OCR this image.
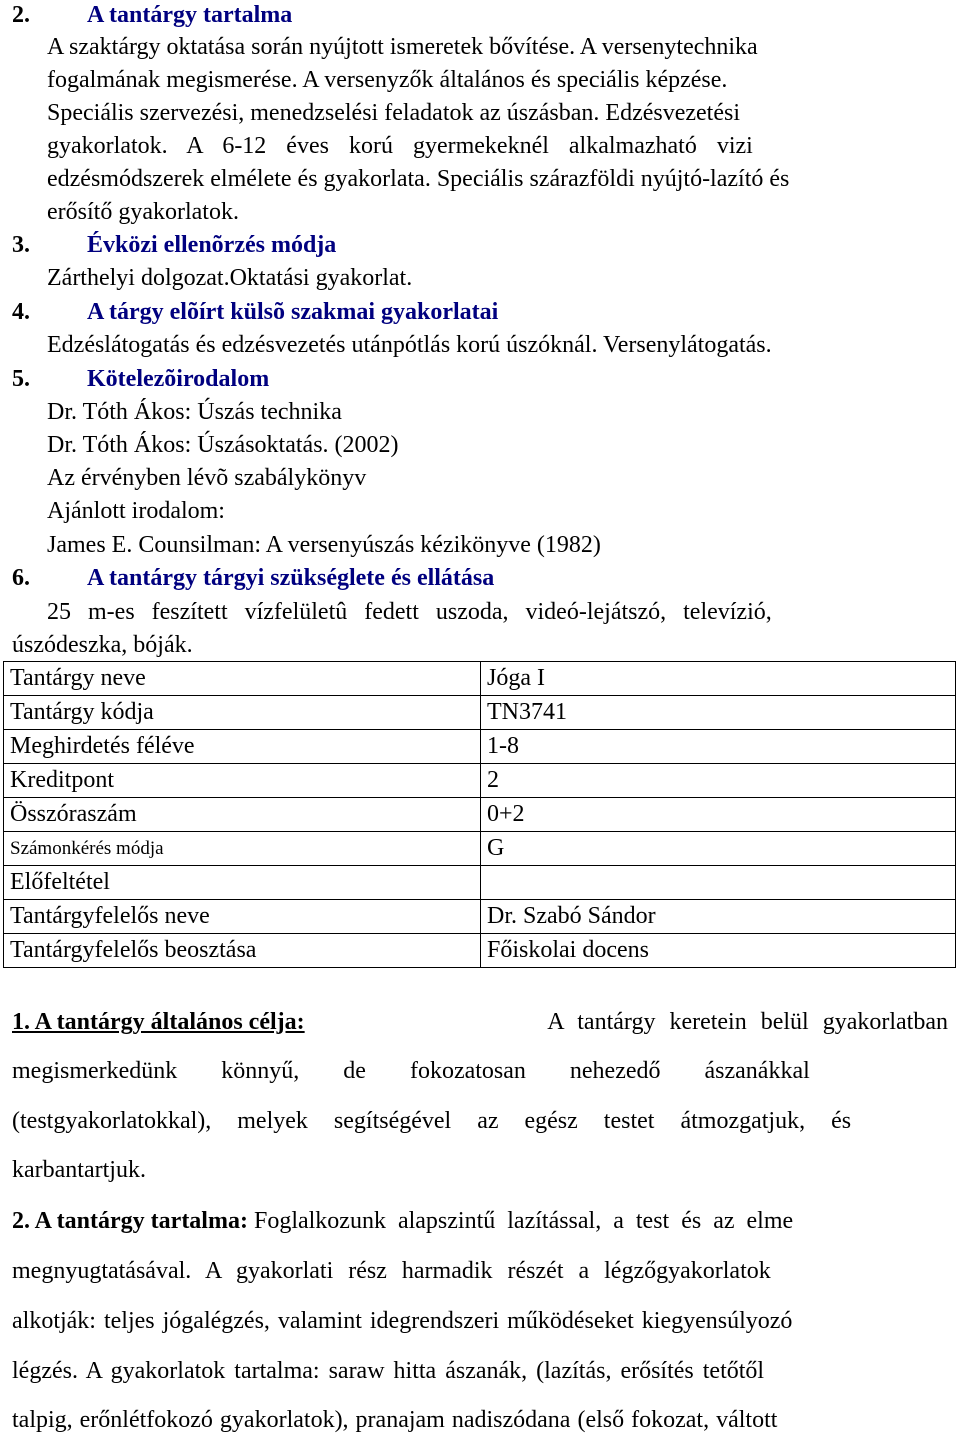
2. A tantárgy tartalma
A szaktárgy oktatása során nyújtott ismeretek bővítése. A versenytechnika
fogalmának megismerése. A versenyzők általános és speciális képzése.
Speciális szervezési, menedzselési feladatok az úszásban. Edzésvezetési
gyakorlatok. A 6-12 éves korú gyermekeknél alkalmazható vizi
edzésmódszerek elmélete és gyakorlata. Speciális szárazföldi nyújtó-lazító és
erősítő gyakorlatok.
3. Évközi ellenõrzés módja
Zárthelyi dolgozat.Oktatási gyakorlat.
4. A tárgy elõírt külsõ szakmai gyakorlatai
Edzéslátogatás és edzésvezetés utánpótlás korú úszóknál. Versenylátogatás.
5. Kötelezõirodalom
Dr. Tóth Ákos: Úszás technika
Dr. Tóth Ákos: Úszásoktatás. (2002)
Az érvényben lévõ szabálykönyv
Ajánlott irodalom:
James E. Counsilman: A versenyúszás kézikönyve (1982)
6. A tantárgy tárgyi szükséglete és ellátása
25 m-es feszített vízfelületû fedett uszoda, videó-lejátszó, televízió,
úszódeszka, bóják.
Tantárgy neve	Jóga I
Tantárgy kódja	TN3741
Meghirdetés féléve	1-8
Kreditpont	2
Összóraszám	0+2
Számonkérés módja	G
Előfeltétel	
Tantárgyfelelős neve	Dr. Szabó Sándor
Tantárgyfelelős beosztása	Főiskolai docens
1. A tantárgy általános célja:	A tantárgy keretein belül gyakorlatban
megismerkedünk könnyű, de fokozatosan nehezedő ászanákkal
(testgyakorlatokkal), melyek segítségével az egész testet átmozgatjuk, és
karbantartjuk.
2. A tantárgy tartalma: Foglalkozunk alapszintű lazítással, a test és az elme
megnyugtatásával. A gyakorlati rész harmadik részét a légzőgyakorlatok
alkotják: teljes jógalégzés, valamint idegrendszeri működéseket kiegyensúlyozó
légzés. A gyakorlatok tartalma: saraw hitta ászanák, (lazítás, erősítés tetőtől
talpig, erőnlétfokozó gyakorlatok), pranajam nadiszódana (első fokozat, váltott
